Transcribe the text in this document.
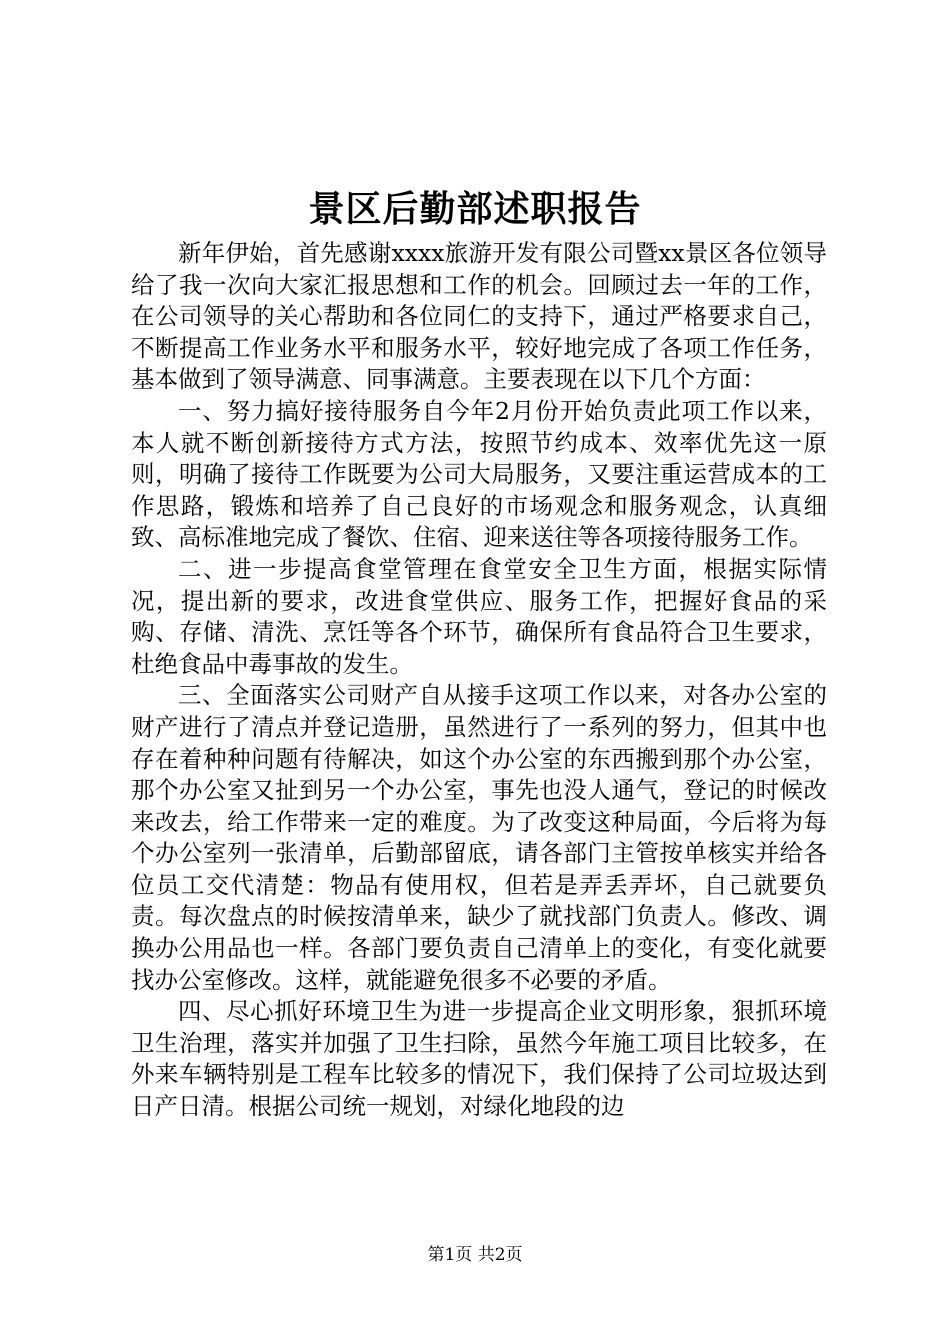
景区后勤部述职报告

新年伊始，首先感谢xxxx旅游开发有限公司暨xx景区各位领导给了我一次向大家汇报思想和工作的机会。回顾过去一年的工作，在公司领导的关心帮助和各位同仁的支持下，通过严格要求自己，不断提高工作业务水平和服务水平，较好地完成了各项工作任务，基本做到了领导满意、同事满意。主要表现在以下几个方面：

一、努力搞好接待服务自今年2月份开始负责此项工作以来，本人就不断创新接待方式方法，按照节约成本、效率优先这一原则，明确了接待工作既要为公司大局服务，又要注重运营成本的工作思路，锻炼和培养了自己良好的市场观念和服务观念，认真细致、高标准地完成了餐饮、住宿、迎来送往等各项接待服务工作。

二、进一步提高食堂管理在食堂安全卫生方面，根据实际情况，提出新的要求，改进食堂供应、服务工作，把握好食品的采购、存储、清洗、烹饪等各个环节，确保所有食品符合卫生要求，杜绝食品中毒事故的发生。

三、全面落实公司财产自从接手这项工作以来，对各办公室的财产进行了清点并登记造册，虽然进行了一系列的努力，但其中也存在着种种问题有待解决，如这个办公室的东西搬到那个办公室，那个办公室又扯到另一个办公室，事先也没人通气，登记的时候改来改去，给工作带来一定的难度。为了改变这种局面，今后将为每个办公室列一张清单，后勤部留底，请各部门主管按单核实并给各位员工交代清楚：物品有使用权，但若是弄丢弄坏，自己就要负责。每次盘点的时候按清单来，缺少了就找部门负责人。修改、调换办公用品也一样。各部门要负责自己清单上的变化，有变化就要找办公室修改。这样，就能避免很多不必要的矛盾。

四、尽心抓好环境卫生为进一步提高企业文明形象，狠抓环境卫生治理，落实并加强了卫生扫除，虽然今年施工项目比较多，在外来车辆特别是工程车比较多的情况下，我们保持了公司垃圾达到日产日清。根据公司统一规划，对绿化地段的边

第1页 共2页
